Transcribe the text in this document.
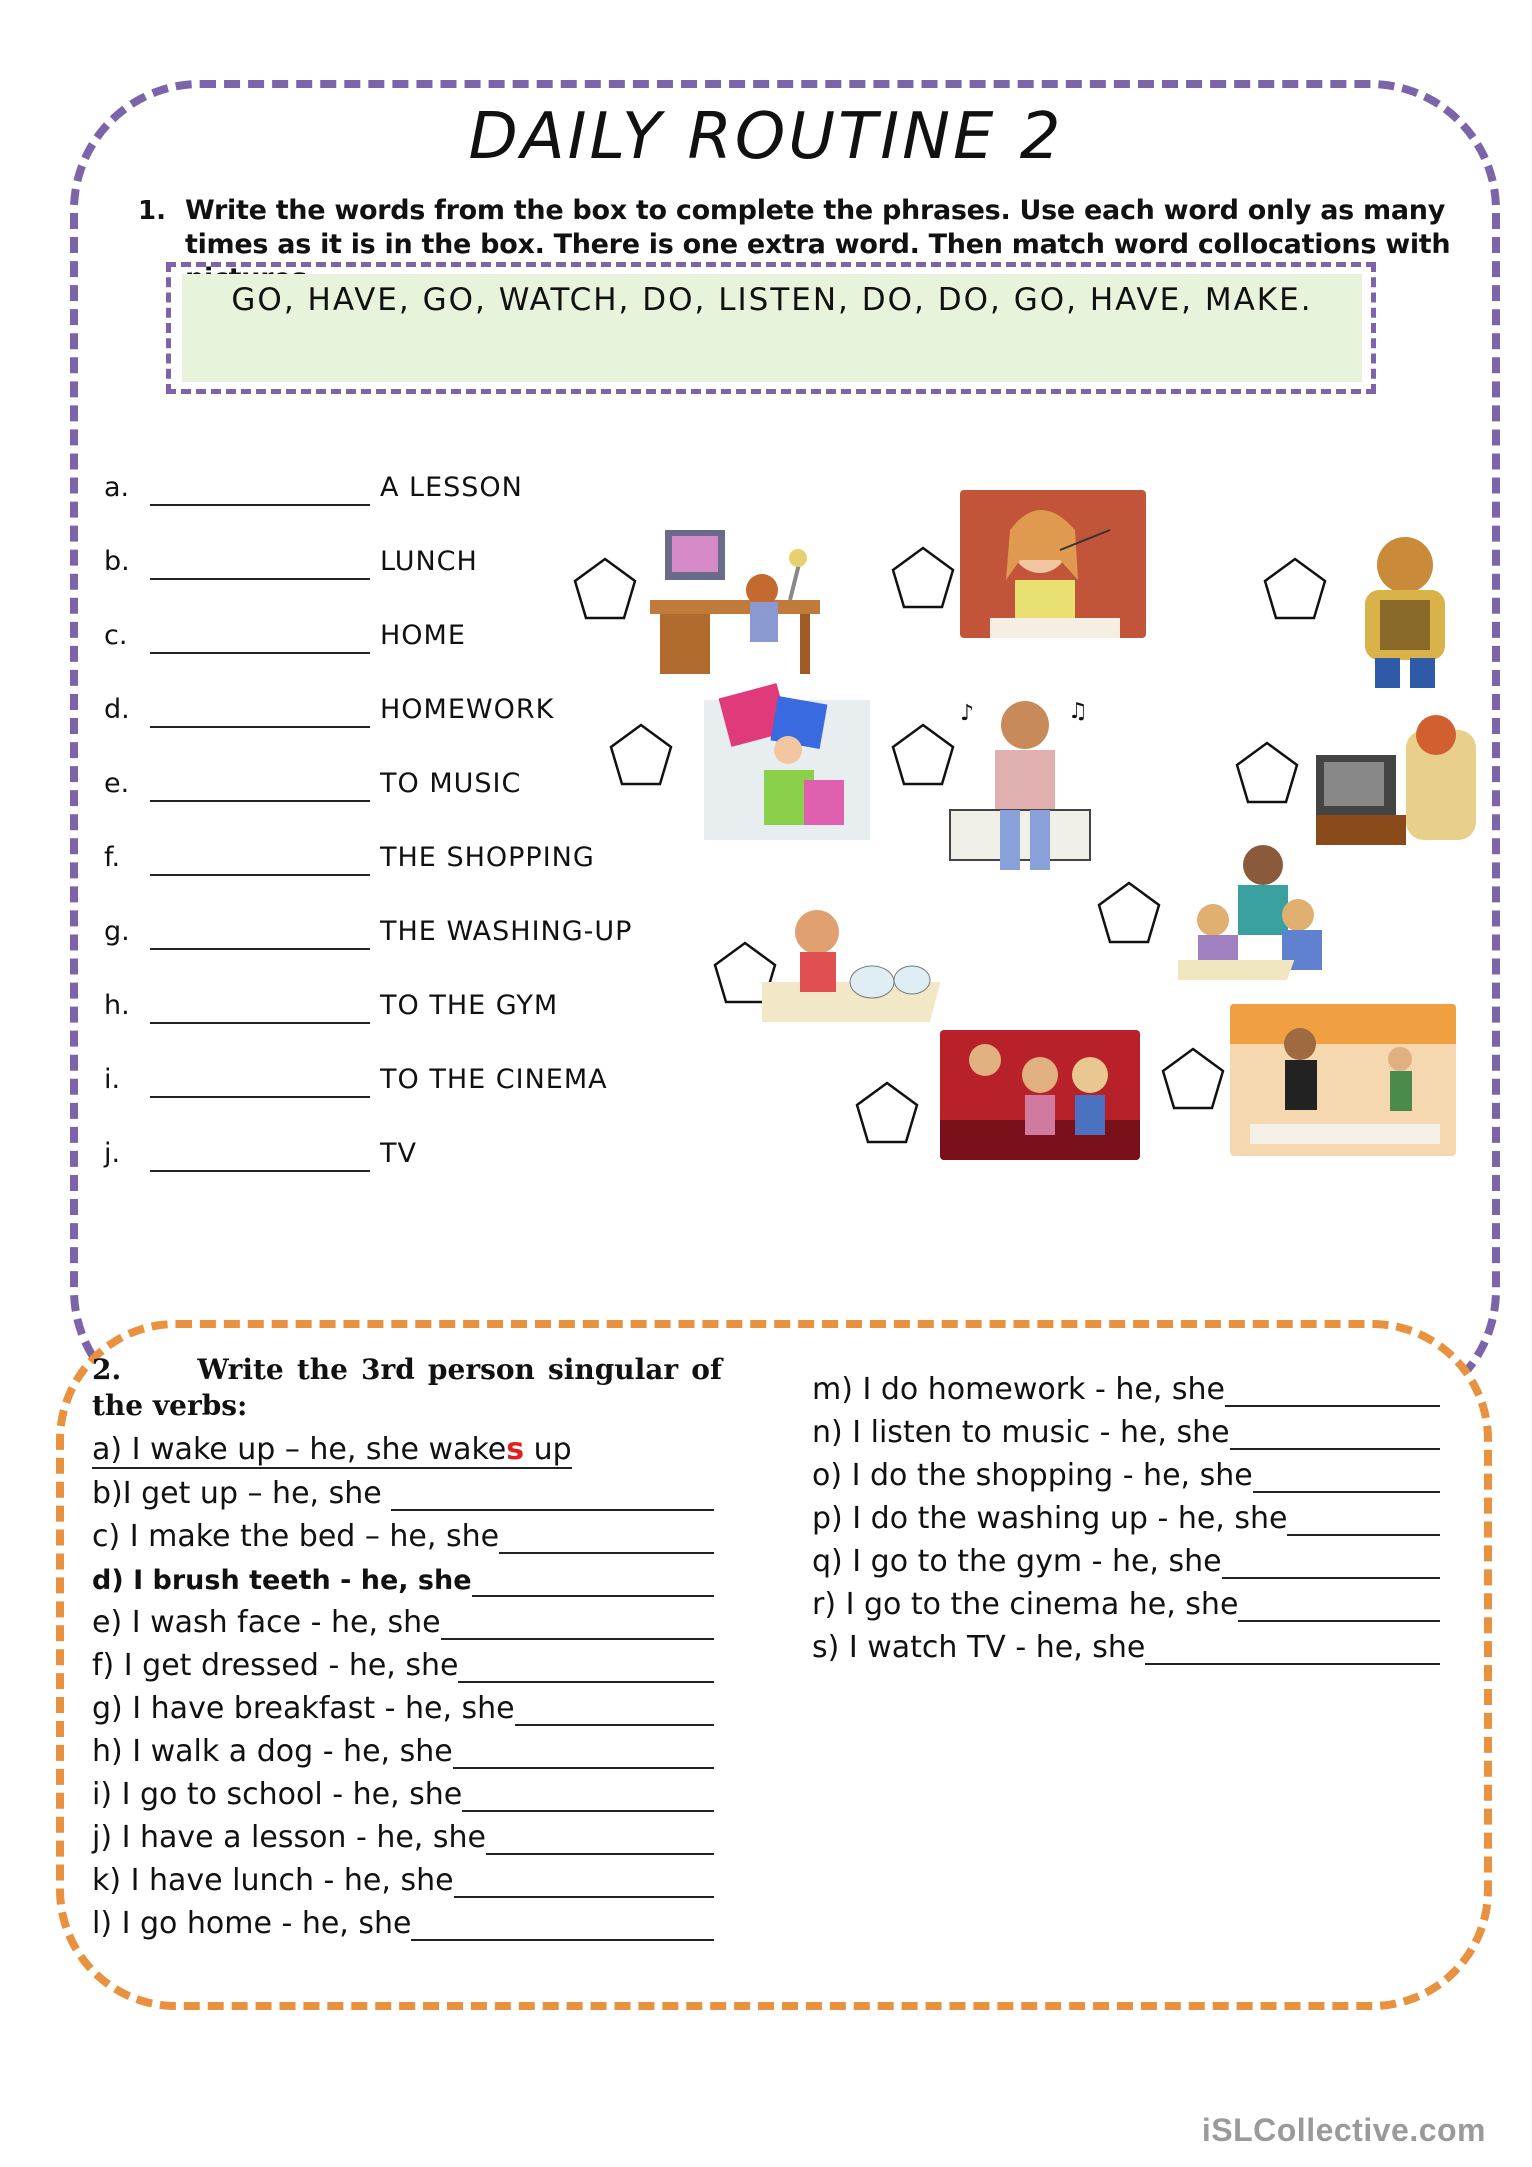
DAILY ROUTINE 2
1. Write the words from the box to complete the phrases. Use each word only as many times as it is in the box. There is one extra word. Then match word collocations with
GO, HAVE, GO, WATCH, DO, LISTEN, DO, DO, GO, HAVE, MAKE.
a.	A LESSON
b.	LUNCH
c.	HOME
d.	HOMEWORK
e.	TO MUSIC
f.	THE SHOPPING
g.	THE WASHING-UP
h.	TO THE GYM
i.	TO THE CINEMA
j.	TV
♪	♫
2.	Write the 3rd person singular of the verbs:
a) I wake up – he, she wakes up
b)I get up – he, she
c) I make the bed – he, she
d) I brush teeth - he, she
e) I wash face - he, she
f) I get dressed - he, she
g) I have breakfast - he, she
h) I walk a dog - he, she
i) I go to school - he, she
j) I have a lesson - he, she
k) I have lunch - he, she
l) I go home - he, she
m) I do homework - he, she
n) I listen to music - he, she
o) I do the shopping - he, she
p) I do the washing up - he, she
q) I go to the gym - he, she
r) I go to the cinema he, she
s) I watch TV - he, she
iSLCollective.com
